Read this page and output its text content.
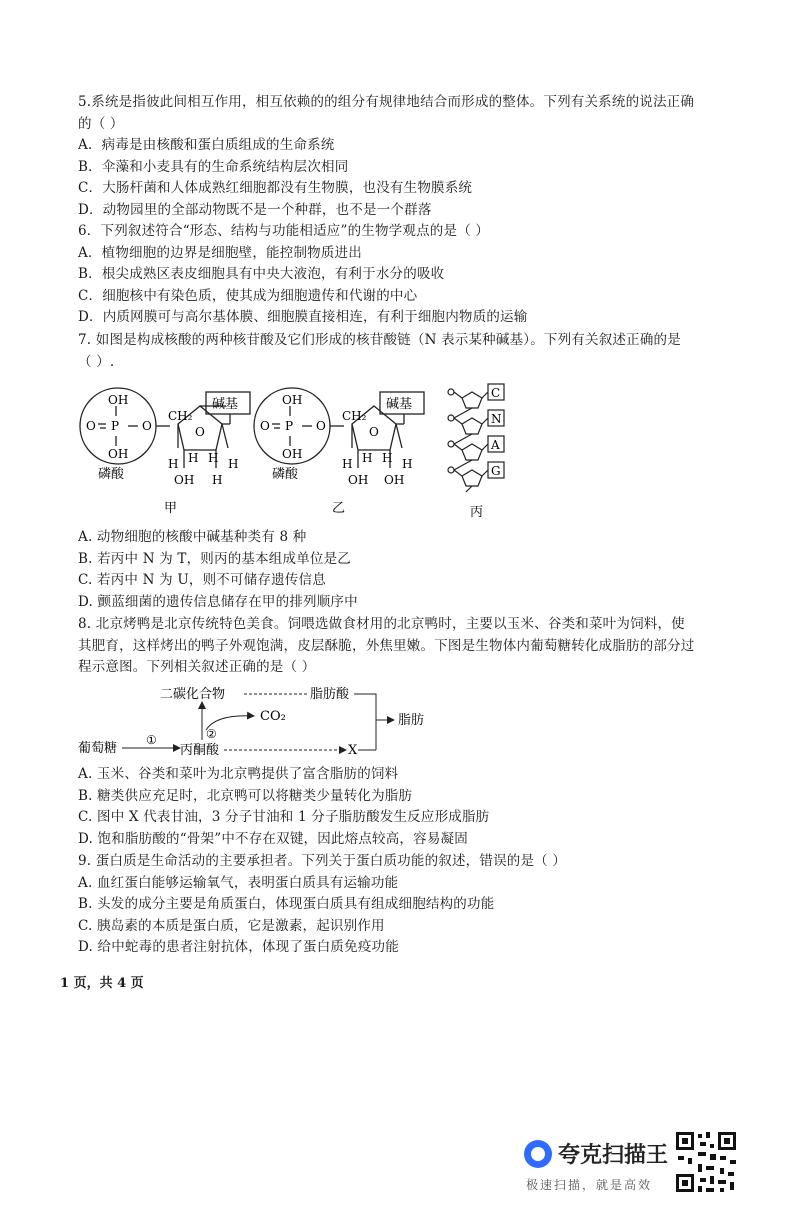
5.系统是指彼此间相互作用，相互依赖的的组分有规律地结合而形成的整体。下列有关系统的说法正确
的（ ）
A．病毒是由核酸和蛋白质组成的生命系统
B．伞藻和小麦具有的生命系统结构层次相同
C．大肠杆菌和人体成熟红细胞都没有生物膜，也没有生物膜系统
D．动物园里的全部动物既不是一个种群，也不是一个群落
6．下列叙述符合“形态、结构与功能相适应”的生物学观点的是（ ）
A．植物细胞的边界是细胞壁，能控制物质进出
B．根尖成熟区表皮细胞具有中央大液泡，有利于水分的吸收
C．细胞核中有染色质，使其成为细胞遗传和代谢的中心
D．内质网膜可与高尔基体膜、细胞膜直接相连，有利于细胞内物质的运输
7. 如图是构成核酸的两种核苷酸及它们形成的核苷酸链（N 表示某种碱基）。下列有关叙述正确的是
（ ）.
OH
O P O
OH
CH₂
O
碱基
H H H H
OH H
磷酸
甲
OH
O P O
OH
CH₂
O
碱基
H H H H
OH OH
磷酸
乙
C
N
A
G
丙
A. 动物细胞的核酸中碱基种类有 8 种
B. 若丙中 N 为 T，则丙的基本组成单位是乙
C. 若丙中 N 为 U，则不可储存遗传信息
D. 颤蓝细菌的遗传信息储存在甲的排列顺序中
8. 北京烤鸭是北京传统特色美食。饲喂选做食材用的北京鸭时，主要以玉米、谷类和菜叶为饲料，使
其肥育，这样烤出的鸭子外观饱满，皮层酥脆，外焦里嫩。下图是生物体内葡萄糖转化成脂肪的部分过
程示意图。下列相关叙述正确的是（ ）
二碳化合物	脂肪酸
脂肪
CO₂
②
葡萄糖
①
丙酮酸	X
A. 玉米、谷类和菜叶为北京鸭提供了富含脂肪的饲料
B. 糖类供应充足时，北京鸭可以将糖类少量转化为脂肪
C. 图中 X 代表甘油，3 分子甘油和 1 分子脂肪酸发生反应形成脂肪
D. 饱和脂肪酸的“骨架”中不存在双键，因此熔点较高，容易凝固
9. 蛋白质是生命活动的主要承担者。下列关于蛋白质功能的叙述，错误的是（ ）
A. 血红蛋白能够运输氧气，表明蛋白质具有运输功能
B. 头发的成分主要是角质蛋白，体现蛋白质具有组成细胞结构的功能
C. 胰岛素的本质是蛋白质，它是激素，起识别作用
D. 给中蛇毒的患者注射抗体，体现了蛋白质免疫功能
1 页，共 4 页
夸克扫描王
极速扫描，就是高效
